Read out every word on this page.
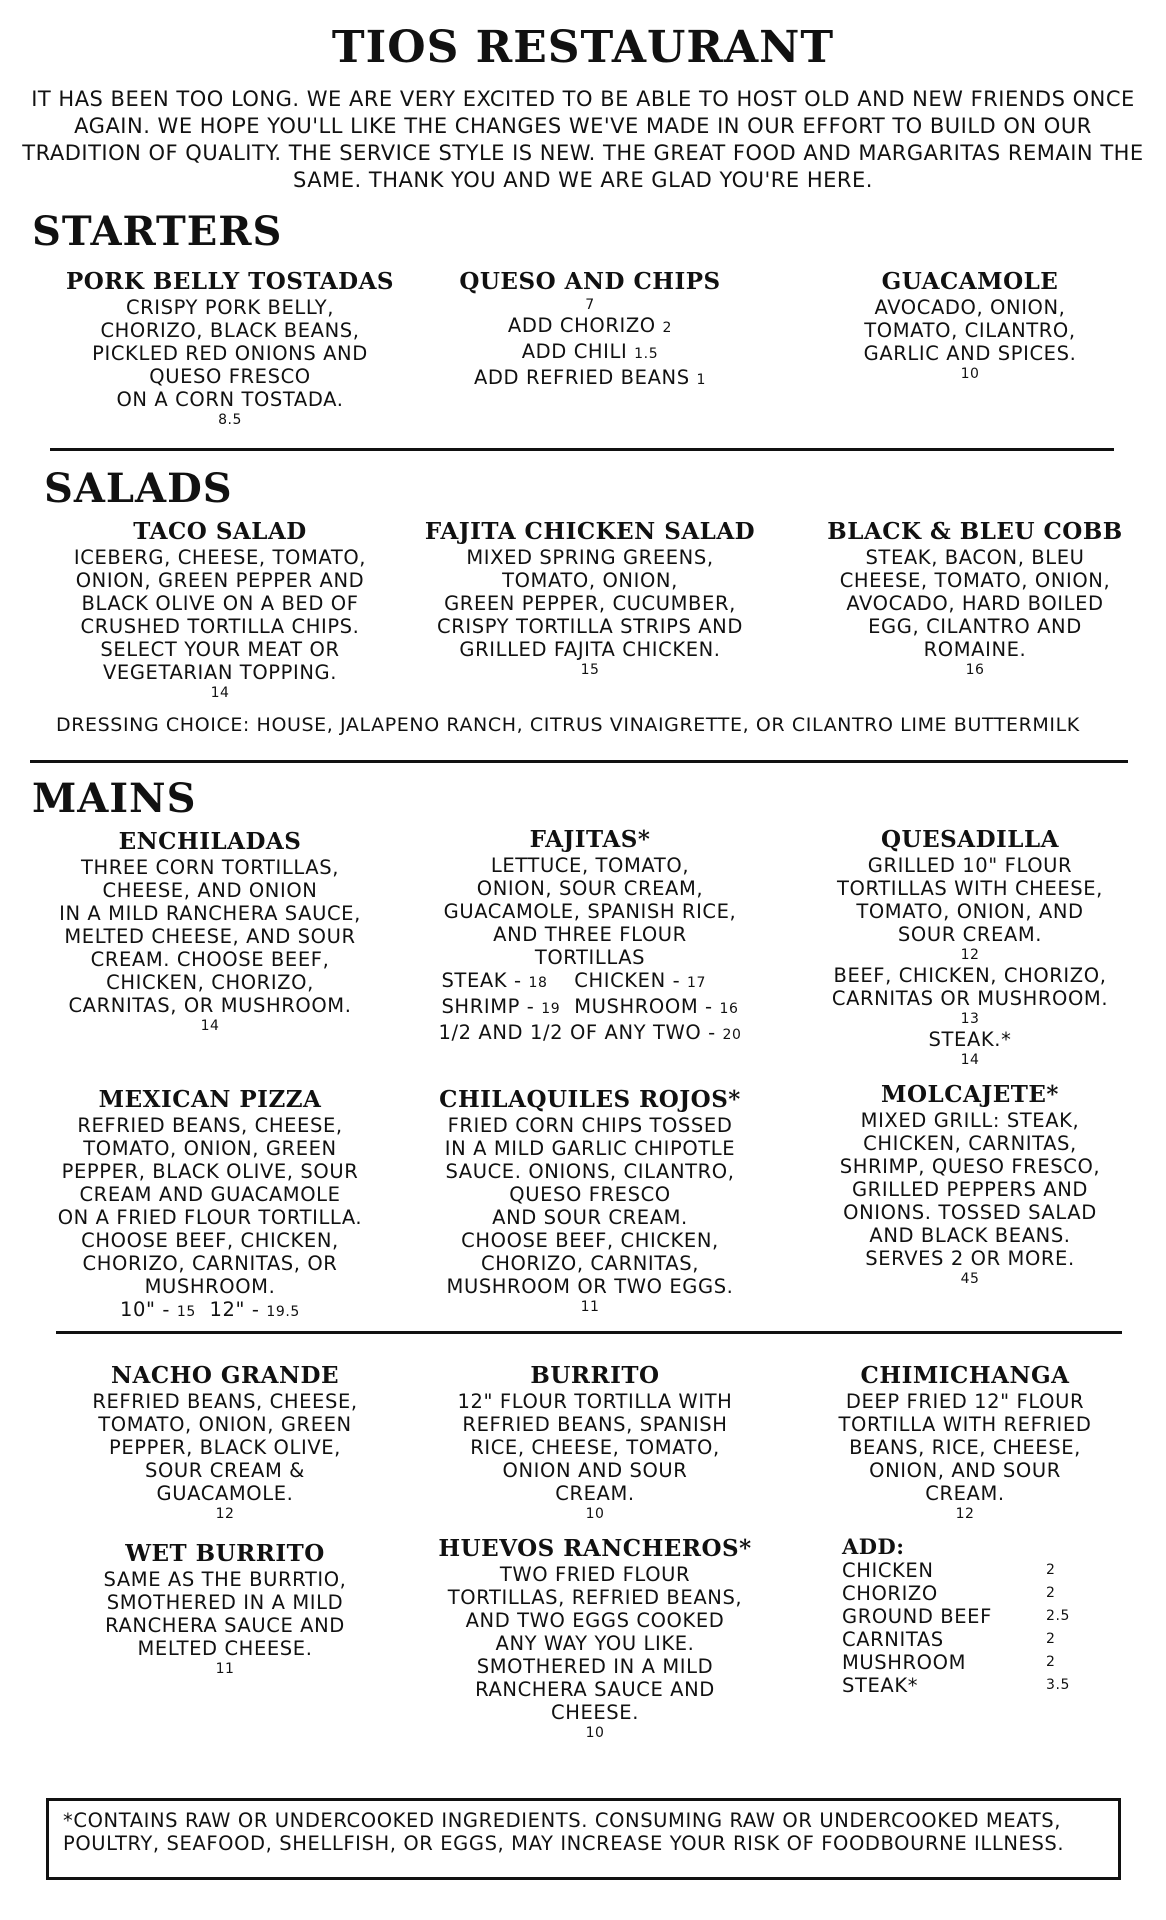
TIOS RESTAURANT
IT HAS BEEN TOO LONG. WE ARE VERY EXCITED TO BE ABLE TO HOST OLD AND NEW FRIENDS ONCE AGAIN. WE HOPE YOU'LL LIKE THE CHANGES WE'VE MADE IN OUR EFFORT TO BUILD ON OUR TRADITION OF QUALITY. THE SERVICE STYLE IS NEW. THE GREAT FOOD AND MARGARITAS REMAIN THE SAME. THANK YOU AND WE ARE GLAD YOU'RE HERE.
STARTERS
PORK BELLY TOSTADAS
CRISPY PORK BELLY,
CHORIZO, BLACK BEANS,
PICKLED RED ONIONS AND
QUESO FRESCO
ON A CORN TOSTADA.
8.5
QUESO AND CHIPS
7
ADD CHORIZO 2
ADD CHILI 1.5
ADD REFRIED BEANS 1
GUACAMOLE
AVOCADO, ONION,
TOMATO, CILANTRO,
GARLIC AND SPICES.
10
SALADS
TACO SALAD
ICEBERG, CHEESE, TOMATO,
ONION, GREEN PEPPER AND
BLACK OLIVE ON A BED OF
CRUSHED TORTILLA CHIPS.
SELECT YOUR MEAT OR
VEGETARIAN TOPPING.
14
FAJITA CHICKEN SALAD
MIXED SPRING GREENS,
TOMATO, ONION,
GREEN PEPPER, CUCUMBER,
CRISPY TORTILLA STRIPS AND
GRILLED FAJITA CHICKEN.
15
BLACK & BLEU COBB
STEAK, BACON, BLEU
CHEESE, TOMATO, ONION,
AVOCADO, HARD BOILED
EGG, CILANTRO AND
ROMAINE.
16
DRESSING CHOICE: HOUSE, JALAPENO RANCH, CITRUS VINAIGRETTE, OR CILANTRO LIME BUTTERMILK
MAINS
ENCHILADAS
THREE CORN TORTILLAS,
CHEESE, AND ONION
IN A MILD RANCHERA SAUCE,
MELTED CHEESE, AND SOUR
CREAM. CHOOSE BEEF,
CHICKEN, CHORIZO,
CARNITAS, OR MUSHROOM.
14
FAJITAS*
LETTUCE, TOMATO,
ONION, SOUR CREAM,
GUACAMOLE, SPANISH RICE,
AND THREE FLOUR
TORTILLAS
STEAK - 18	CHICKEN - 17
SHRIMP - 19 MUSHROOM - 16
1/2 AND 1/2 OF ANY TWO - 20
QUESADILLA
GRILLED 10" FLOUR
TORTILLAS WITH CHEESE,
TOMATO, ONION, AND
SOUR CREAM.
12
BEEF, CHICKEN, CHORIZO,
CARNITAS OR MUSHROOM.
13
STEAK.*
14
MEXICAN PIZZA
REFRIED BEANS, CHEESE,
TOMATO, ONION, GREEN
PEPPER, BLACK OLIVE, SOUR
CREAM AND GUACAMOLE
ON A FRIED FLOUR TORTILLA.
CHOOSE BEEF, CHICKEN,
CHORIZO, CARNITAS, OR
MUSHROOM.
10" - 15 12" - 19.5
CHILAQUILES ROJOS*
FRIED CORN CHIPS TOSSED
IN A MILD GARLIC CHIPOTLE
SAUCE. ONIONS, CILANTRO,
QUESO FRESCO
AND SOUR CREAM.
CHOOSE BEEF, CHICKEN,
CHORIZO, CARNITAS,
MUSHROOM OR TWO EGGS.
11
MOLCAJETE*
MIXED GRILL: STEAK,
CHICKEN, CARNITAS,
SHRIMP, QUESO FRESCO,
GRILLED PEPPERS AND
ONIONS. TOSSED SALAD
AND BLACK BEANS.
SERVES 2 OR MORE.
45
NACHO GRANDE
REFRIED BEANS, CHEESE,
TOMATO, ONION, GREEN
PEPPER, BLACK OLIVE,
SOUR CREAM &
GUACAMOLE.
12
BURRITO
12" FLOUR TORTILLA WITH
REFRIED BEANS, SPANISH
RICE, CHEESE, TOMATO,
ONION AND SOUR
CREAM.
10
CHIMICHANGA
DEEP FRIED 12" FLOUR
TORTILLA WITH REFRIED
BEANS, RICE, CHEESE,
ONION, AND SOUR
CREAM.
12
WET BURRITO
SAME AS THE BURRTIO,
SMOTHERED IN A MILD
RANCHERA SAUCE AND
MELTED CHEESE.
11
HUEVOS RANCHEROS*
TWO FRIED FLOUR
TORTILLAS, REFRIED BEANS,
AND TWO EGGS COOKED
ANY WAY YOU LIKE.
SMOTHERED IN A MILD
RANCHERA SAUCE AND
CHEESE.
10
ADD:
CHICKEN	2
CHORIZO	2
GROUND BEEF	2.5
CARNITAS	2
MUSHROOM	2
STEAK*	3.5
*CONTAINS RAW OR UNDERCOOKED INGREDIENTS. CONSUMING RAW OR UNDERCOOKED MEATS, POULTRY, SEAFOOD, SHELLFISH, OR EGGS, MAY INCREASE YOUR RISK OF FOODBOURNE ILLNESS.
